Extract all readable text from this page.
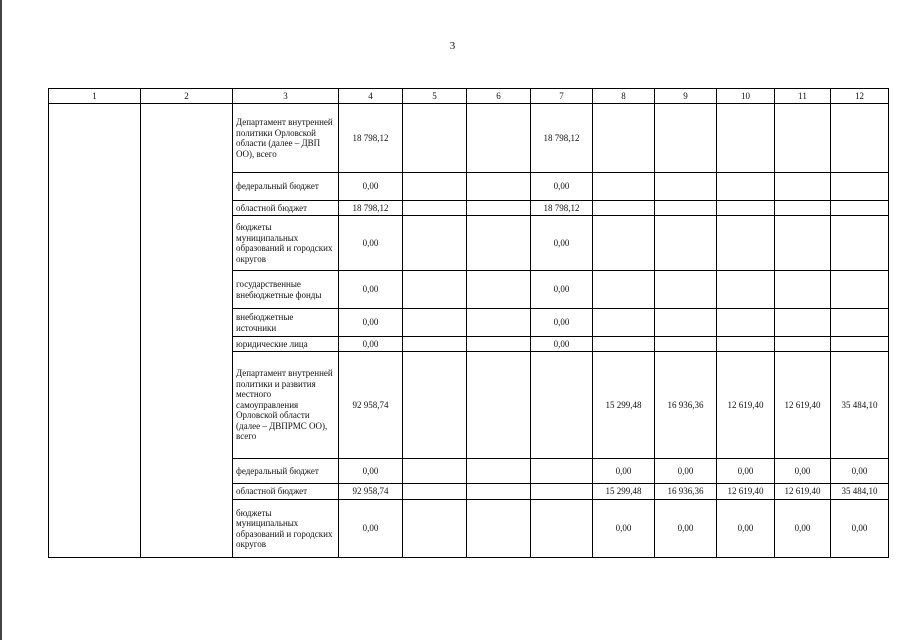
3
1	2	3	4	5	6	7	8	9	10	11	12
		Департамент внутренней политики Орловской области (далее – ДВП ОО), всего	18 798,12			18 798,12					
		федеральный бюджет	0,00			0,00					
		областной бюджет	18 798,12			18 798,12					
		бюджеты муниципальных образований и городских округов	0,00			0,00					
		государственные внебюджетные фонды	0,00			0,00					
		внебюджетные источники	0,00			0,00					
		юридические лица	0,00			0,00					
		Департамент внутренней политики и развития местного самоуправления Орловской области (далее – ДВПРМС ОО), всего	92 958,74				15 299,48	16 936,36	12 619,40	12 619,40	35 484,10
		федеральный бюджет	0,00				0,00	0,00	0,00	0,00	0,00
		областной бюджет	92 958,74				15 299,48	16 936,36	12 619,40	12 619,40	35 484,10
		бюджеты муниципальных образований и городских округов	0,00				0,00	0,00	0,00	0,00	0,00
